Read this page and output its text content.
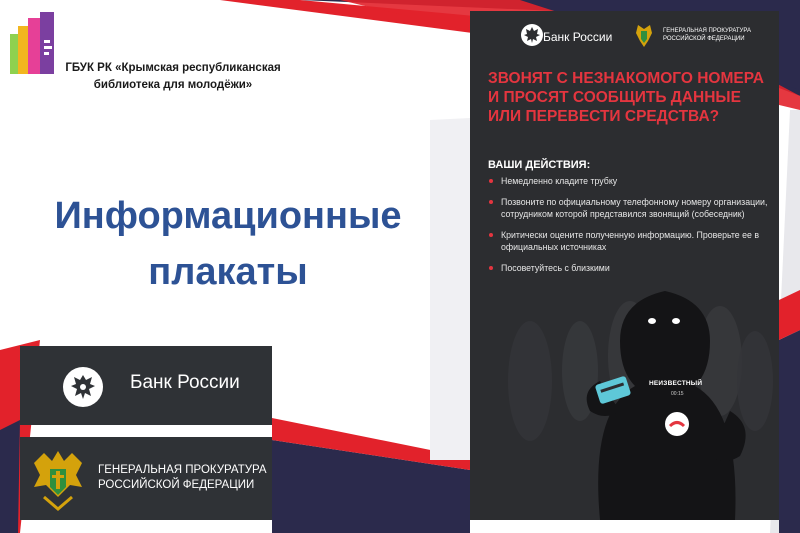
ГБУК РК «Крымская республиканская
библиотека для молодёжи»
Информационные
плакаты
Банк России
ГЕНЕРАЛЬНАЯ ПРОКУРАТУРА
РОССИЙСКОЙ ФЕДЕРАЦИИ
Банк России	ГЕНЕРАЛЬНАЯ ПРОКУРАТУРА
РОССИЙСКОЙ ФЕДЕРАЦИИ
ЗВОНЯТ С НЕЗНАКОМОГО НОМЕРА
И ПРОСЯТ СООБЩИТЬ ДАННЫЕ
ИЛИ ПЕРЕВЕСТИ СРЕДСТВА?
ВАШИ ДЕЙСТВИЯ:
Немедленно кладите трубку
Позвоните по официальному телефонному номеру организации, сотрудником которой представился звонящий (собеседник)
Критически оцените полученную информацию. Проверьте ее в официальных источниках
Посоветуйтесь с близкими
НЕИЗВЕСТНЫЙ
00:15
